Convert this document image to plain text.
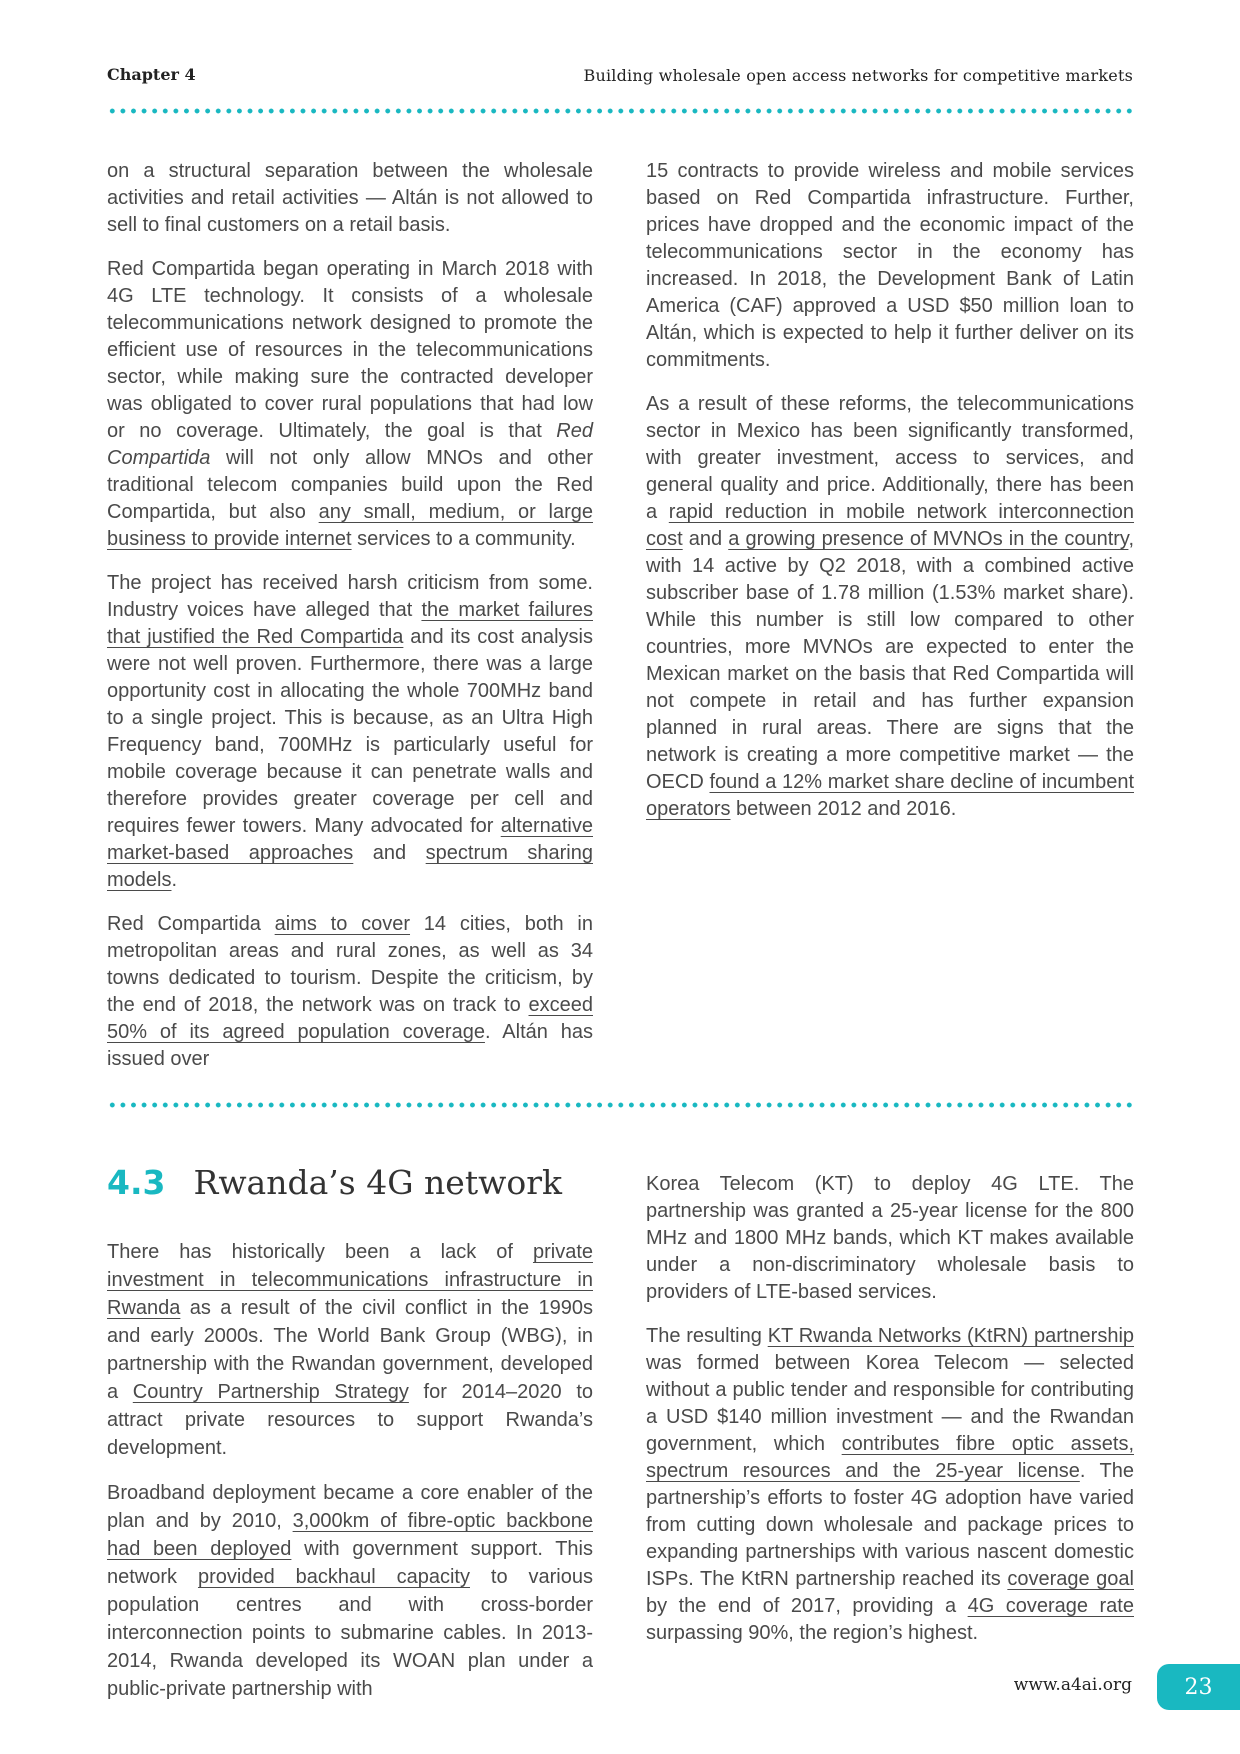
Chapter 4	Building wholesale open access networks for competitive markets

on a structural separation between the wholesale activities and retail activities — Altán is not allowed to sell to final customers on a retail basis.

Red Compartida began operating in March 2018 with 4G LTE technology. It consists of a wholesale telecommunications network designed to promote the efficient use of resources in the telecommunications sector, while making sure the contracted developer was obligated to cover rural populations that had low or no coverage. Ultimately, the goal is that Red Compartida will not only allow MNOs and other traditional telecom companies build upon the Red Compartida, but also any small, medium, or large business to provide internet services to a community.

The project has received harsh criticism from some. Industry voices have alleged that the market failures that justified the Red Compartida and its cost analysis were not well proven. Furthermore, there was a large opportunity cost in allocating the whole 700MHz band to a single project. This is because, as an Ultra High Frequency band, 700MHz is particularly useful for mobile coverage because it can penetrate walls and therefore provides greater coverage per cell and requires fewer towers. Many advocated for alternative market-based approaches and spectrum sharing models.

Red Compartida aims to cover 14 cities, both in metropolitan areas and rural zones, as well as 34 towns dedicated to tourism. Despite the criticism, by the end of 2018, the network was on track to exceed 50% of its agreed population coverage. Altán has issued over

15 contracts to provide wireless and mobile services based on Red Compartida infrastructure. Further, prices have dropped and the economic impact of the telecommunications sector in the economy has increased. In 2018, the Development Bank of Latin America (CAF) approved a USD $50 million loan to Altán, which is expected to help it further deliver on its commitments.

As a result of these reforms, the telecommunications sector in Mexico has been significantly transformed, with greater investment, access to services, and general quality and price. Additionally, there has been a rapid reduction in mobile network interconnection cost and a growing presence of MVNOs in the country, with 14 active by Q2 2018, with a combined active subscriber base of 1.78 million (1.53% market share). While this number is still low compared to other countries, more MVNOs are expected to enter the Mexican market on the basis that Red Compartida will not compete in retail and has further expansion planned in rural areas. There are signs that the network is creating a more competitive market — the OECD found a 12% market share decline of incumbent operators between 2012 and 2016.

4.3 Rwanda’s 4G network

There has historically been a lack of private investment in telecommunications infrastructure in Rwanda as a result of the civil conflict in the 1990s and early 2000s. The World Bank Group (WBG), in partnership with the Rwandan government, developed a Country Partnership Strategy for 2014–2020 to attract private resources to support Rwanda’s development.

Broadband deployment became a core enabler of the plan and by 2010, 3,000km of fibre-optic backbone had been deployed with government support. This network provided backhaul capacity to various population centres and with cross-border interconnection points to submarine cables. In 2013-2014, Rwanda developed its WOAN plan under a public-private partnership with

Korea Telecom (KT) to deploy 4G LTE. The partnership was granted a 25-year license for the 800 MHz and 1800 MHz bands, which KT makes available under a non-discriminatory wholesale basis to providers of LTE-based services.

The resulting KT Rwanda Networks (KtRN) partnership was formed between Korea Telecom — selected without a public tender and responsible for contributing a USD $140 million investment — and the Rwandan government, which contributes fibre optic assets, spectrum resources and the 25-year license. The partnership’s efforts to foster 4G adoption have varied from cutting down wholesale and package prices to expanding partnerships with various nascent domestic ISPs. The KtRN partnership reached its coverage goal by the end of 2017, providing a 4G coverage rate surpassing 90%, the region’s highest.

www.a4ai.org 23
